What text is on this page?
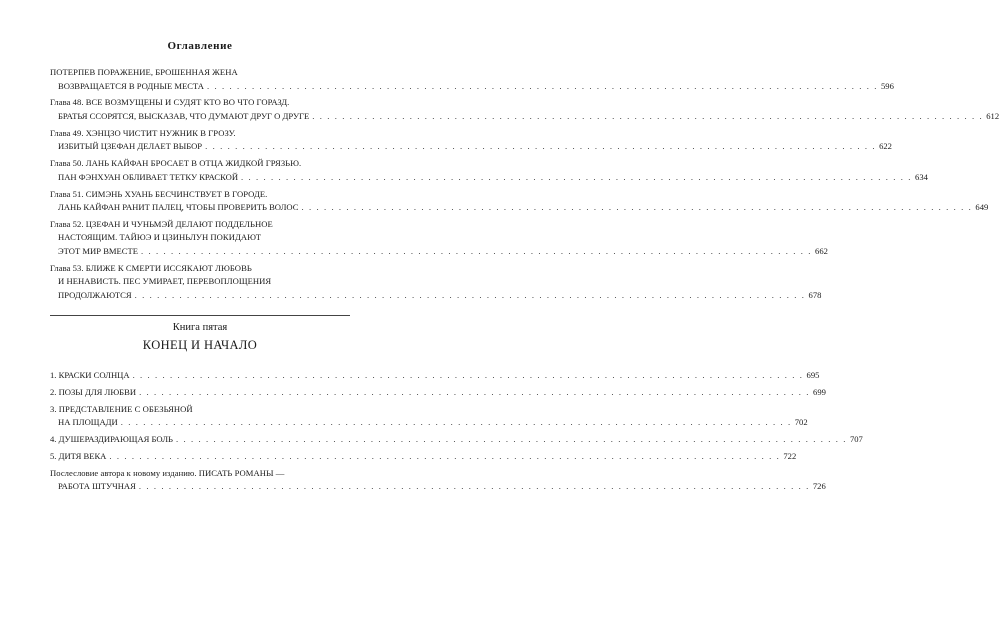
Оглавление
ПОТЕРПЕВ ПОРАЖЕНИЕ, БРОШЕННАЯ ЖЕНА
ВОЗВРАЩАЕТСЯ В РОДНЫЕ МЕСТА . . . . . . . . . . . . . . . . . . . . . . . . . . . . . . . . . . . . . . . . . . . . . . . . . . . . . . . . . . . . . . . . . . . . . . . . . . . . . . . . . . . . . . . . . . 596
Глава 48. ВСЕ ВОЗМУЩЕНЫ И СУДЯТ КТО ВО ЧТО ГОРАЗД.
БРАТЬЯ ССОРЯТСЯ, ВЫСКАЗАВ, ЧТО ДУМАЮТ ДРУГ О ДРУГЕ . . . . . . . . . . . . . . . . . . . . . . . . . . . . . . . . . . . . . . . . . . . . . . . . . . . . . . . . . . . . . . . . . . . . . . . . . . . . . . . . . . . . . . . . . . 612
Глава 49. ХЭНЦЗО ЧИСТИТ НУЖНИК В ГРОЗУ.
ИЗБИТЫЙ ЦЗЕФАН ДЕЛАЕТ ВЫБОР . . . . . . . . . . . . . . . . . . . . . . . . . . . . . . . . . . . . . . . . . . . . . . . . . . . . . . . . . . . . . . . . . . . . . . . . . . . . . . . . . . . . . . . . . . 622
Глава 50. ЛАНЬ КАЙФАН БРОСАЕТ В ОТЦА ЖИДКОЙ ГРЯЗЬЮ.
ПАН ФЭНХУАН ОБЛИВАЕТ ТЕТКУ КРАСКОЙ . . . . . . . . . . . . . . . . . . . . . . . . . . . . . . . . . . . . . . . . . . . . . . . . . . . . . . . . . . . . . . . . . . . . . . . . . . . . . . . . . . . . . . . . . . 634
Глава 51. СИМЭНЬ ХУАНЬ БЕСЧИНСТВУЕТ В ГОРОДЕ.
ЛАНЬ КАЙФАН РАНИТ ПАЛЕЦ, ЧТОБЫ ПРОВЕРИТЬ ВОЛОС . . . . . . . . . . . . . . . . . . . . . . . . . . . . . . . . . . . . . . . . . . . . . . . . . . . . . . . . . . . . . . . . . . . . . . . . . . . . . . . . . . . . . . . . . . 649
Глава 52. ЦЗЕФАН И ЧУНЬМЭЙ ДЕЛАЮТ ПОДДЕЛЬНОЕ
НАСТОЯЩИМ. ТАЙЮЭ И ЦЗИНЬЛУН ПОКИДАЮТ
ЭТОТ МИР ВМЕСТЕ . . . . . . . . . . . . . . . . . . . . . . . . . . . . . . . . . . . . . . . . . . . . . . . . . . . . . . . . . . . . . . . . . . . . . . . . . . . . . . . . . . . . . . . . . . 662
Глава 53. БЛИЖЕ К СМЕРТИ ИССЯКАЮТ ЛЮБОВЬ
И НЕНАВИСТЬ. ПЕС УМИРАЕТ, ПЕРЕВОПЛОЩЕНИЯ
ПРОДОЛЖАЮТСЯ . . . . . . . . . . . . . . . . . . . . . . . . . . . . . . . . . . . . . . . . . . . . . . . . . . . . . . . . . . . . . . . . . . . . . . . . . . . . . . . . . . . . . . . . . . 678
Книга пятая
КОНЕЦ И НАЧАЛО
1. КРАСКИ СОЛНЦА . . . . . . . . . . . . . . . . . . . . . . . . . . . . . . . . . . . . . . . . . . . . . . . . . . . . . . . . . . . . . . . . . . . . . . . . . . . . . . . . . . . . . . . . . . 695
2. ПОЗЫ ДЛЯ ЛЮБВИ . . . . . . . . . . . . . . . . . . . . . . . . . . . . . . . . . . . . . . . . . . . . . . . . . . . . . . . . . . . . . . . . . . . . . . . . . . . . . . . . . . . . . . . . . . 699
3. ПРЕДСТАВЛЕНИЕ С ОБЕЗЬЯНОЙ
НА ПЛОЩАДИ . . . . . . . . . . . . . . . . . . . . . . . . . . . . . . . . . . . . . . . . . . . . . . . . . . . . . . . . . . . . . . . . . . . . . . . . . . . . . . . . . . . . . . . . . . 702
4. ДУШЕРАЗДИРАЮЩАЯ БОЛЬ . . . . . . . . . . . . . . . . . . . . . . . . . . . . . . . . . . . . . . . . . . . . . . . . . . . . . . . . . . . . . . . . . . . . . . . . . . . . . . . . . . . . . . . . . . 707
5. ДИТЯ ВЕКА . . . . . . . . . . . . . . . . . . . . . . . . . . . . . . . . . . . . . . . . . . . . . . . . . . . . . . . . . . . . . . . . . . . . . . . . . . . . . . . . . . . . . . . . . . 722
Послесловие автора к новому изданию. ПИСАТЬ РОМАНЫ —
РАБОТА ШТУЧНАЯ . . . . . . . . . . . . . . . . . . . . . . . . . . . . . . . . . . . . . . . . . . . . . . . . . . . . . . . . . . . . . . . . . . . . . . . . . . . . . . . . . . . . . . . . . . 726
